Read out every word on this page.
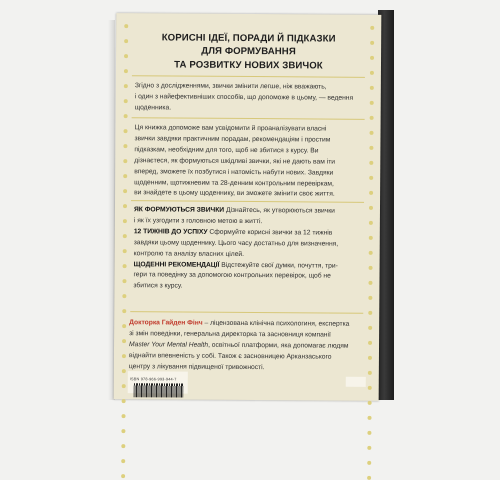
КОРИСНІ ІДЕЇ, ПОРАДИ Й ПІДКАЗКИ
ДЛЯ ФОРМУВАННЯ
ТА РОЗВИТКУ НОВИХ ЗВИЧОК
Згідно з дослідженнями, звички змінити легше, ніж вважають,
і один з найефективніших способів, що допоможе в цьому, — ведення
щоденника.
Ця книжка допоможе вам усвідомити й проаналізувати власні
звички завдяки практичним порадам, рекомендаціям і простим
підказкам, необхідним для того, щоб не збитися з курсу. Ви
дізнаєтеся, як формуються шкідливі звички, які не дають вам іти
вперед, зможете їх позбутися і натомість набути нових. Завдяки
щоденним, щотижневим та 28-денним контрольним перевіркам,
ви знайдете в цьому щоденнику, ви зможете змінити своє життя.
ЯК ФОРМУЮТЬСЯ ЗВИЧКИ Дізнайтесь, як утворюються звички
і як їх узгодити з головною метою в житті.
12 ТИЖНІВ ДО УСПІХУ Сформуйте корисні звички за 12 тижнів
завдяки цьому щоденнику. Цього часу достатньо для визначення,
контролю та аналізу власних цілей.
ЩОДЕННІ РЕКОМЕНДАЦІЇ Відстежуйте свої думки, почуття, три-
гери та поведінку за допомогою контрольних перевірок, щоб не
збитися з курсу.
Докторка Гайден Фінч – ліцензована клінічна психологиня, експертка
зі змін поведінки, генеральна директорка та засновниця компанії
Master Your Mental Health, освітньої платформи, яка допомагає людям
віднайти впевненість у собі. Також є засновницею Арканзаського
центру з лікування підвищеної тривожності.
ISBN 978-966-993-944-7
